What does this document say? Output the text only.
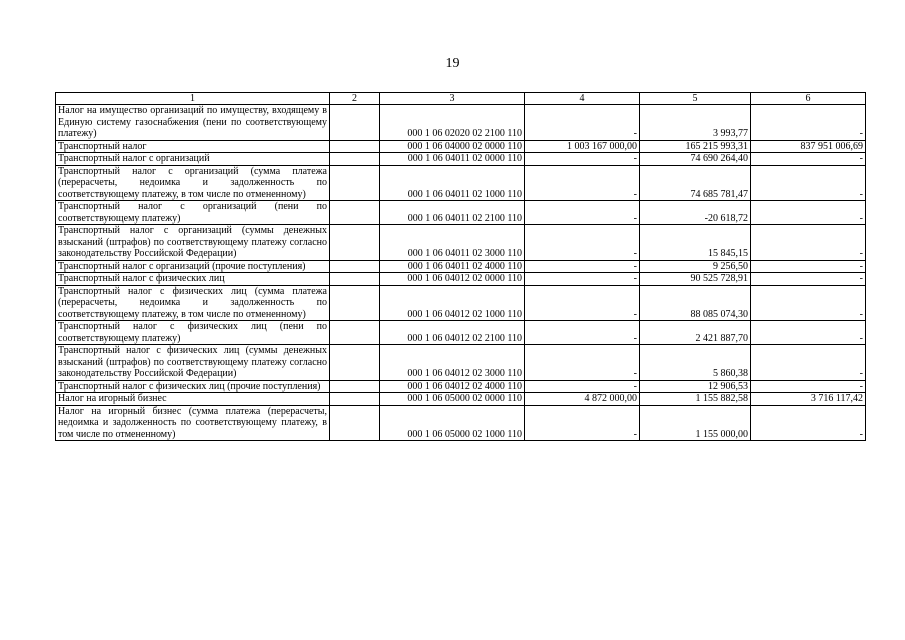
19
1	2	3	4	5	6
Налог на имущество организаций по имуществу, входящему в Единую систему газоснабжения (пени по соответствующему платежу)		000 1 06 02020 02 2100 110	-	3 993,77	-
Транспортный налог		000 1 06 04000 02 0000 110	1 003 167 000,00	165 215 993,31	837 951 006,69
Транспортный налог с организаций		000 1 06 04011 02 0000 110	-	74 690 264,40	-
Транспортный налог с организаций (сумма платежа (перерасчеты, недоимка и задолженность по соответствующему платежу, в том числе по отмененному)		000 1 06 04011 02 1000 110	-	74 685 781,47	-
Транспортный налог с организаций (пени по соответствующему платежу)		000 1 06 04011 02 2100 110	-	-20 618,72	-
Транспортный налог с организаций (суммы денежных взысканий (штрафов) по соответствующему платежу согласно законодательству Российской Федерации)		000 1 06 04011 02 3000 110	-	15 845,15	-
Транспортный налог с организаций (прочие поступления)		000 1 06 04011 02 4000 110	-	9 256,50	-
Транспортный налог с физических лиц		000 1 06 04012 02 0000 110	-	90 525 728,91	-
Транспортный налог с физических лиц (сумма платежа (перерасчеты, недоимка и задолженность по соответствующему платежу, в том числе по отмененному)		000 1 06 04012 02 1000 110	-	88 085 074,30	-
Транспортный налог с физических лиц (пени по соответствующему платежу)		000 1 06 04012 02 2100 110	-	2 421 887,70	-
Транспортный налог с физических лиц (суммы денежных взысканий (штрафов) по соответствующему платежу согласно законодательству Российской Федерации)		000 1 06 04012 02 3000 110	-	5 860,38	-
Транспортный налог с физических лиц (прочие поступления)		000 1 06 04012 02 4000 110	-	12 906,53	-
Налог на игорный бизнес		000 1 06 05000 02 0000 110	4 872 000,00	1 155 882,58	3 716 117,42
Налог на игорный бизнес (сумма платежа (перерасчеты, недоимка и задолженность по соответствующему платежу, в том числе по отмененному)		000 1 06 05000 02 1000 110	-	1 155 000,00	-
